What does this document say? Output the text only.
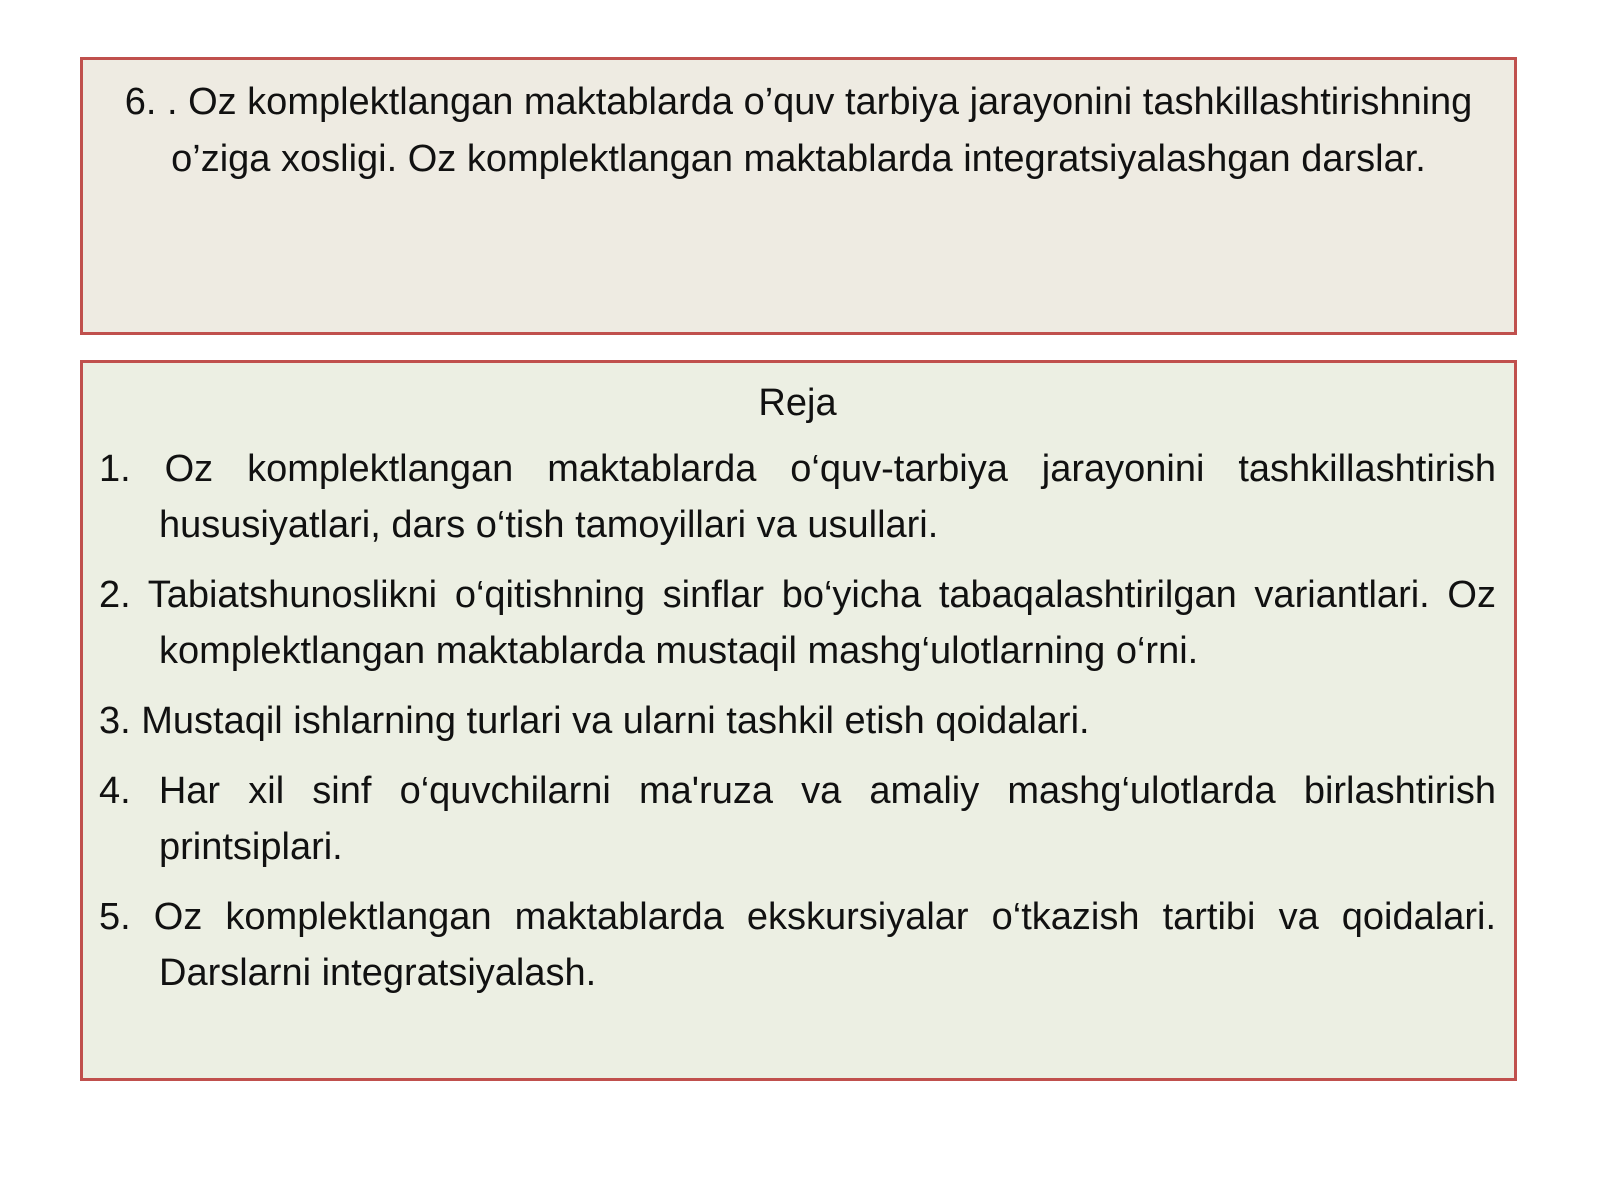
6. . Oz komplektlangan maktablarda o’quv tarbiya jarayonini tashkillashtirishning o’ziga xosligi. Oz komplektlangan maktablarda integratsiyalashgan darslar.

Reja

1. Oz komplektlangan maktablarda o‘quv-tarbiya jarayonini tashkillashtirish hususiyatlari, dars o‘tish tamoyillari va usullari.
2. Tabiatshunoslikni o‘qitishning sinflar bo‘yicha tabaqalashtirilgan variantlari. Oz komplektlangan maktablarda mustaqil mashg‘ulotlarning o‘rni.
3. Mustaqil ishlarning turlari va ularni tashkil etish qoidalari.
4. Har xil sinf o‘quvchilarni ma'ruza va amaliy mashg‘ulotlarda birlashtirish printsiplari.
5. Oz komplektlangan maktablarda ekskursiyalar o‘tkazish tartibi va qoidalari. Darslarni integratsiyalash.
